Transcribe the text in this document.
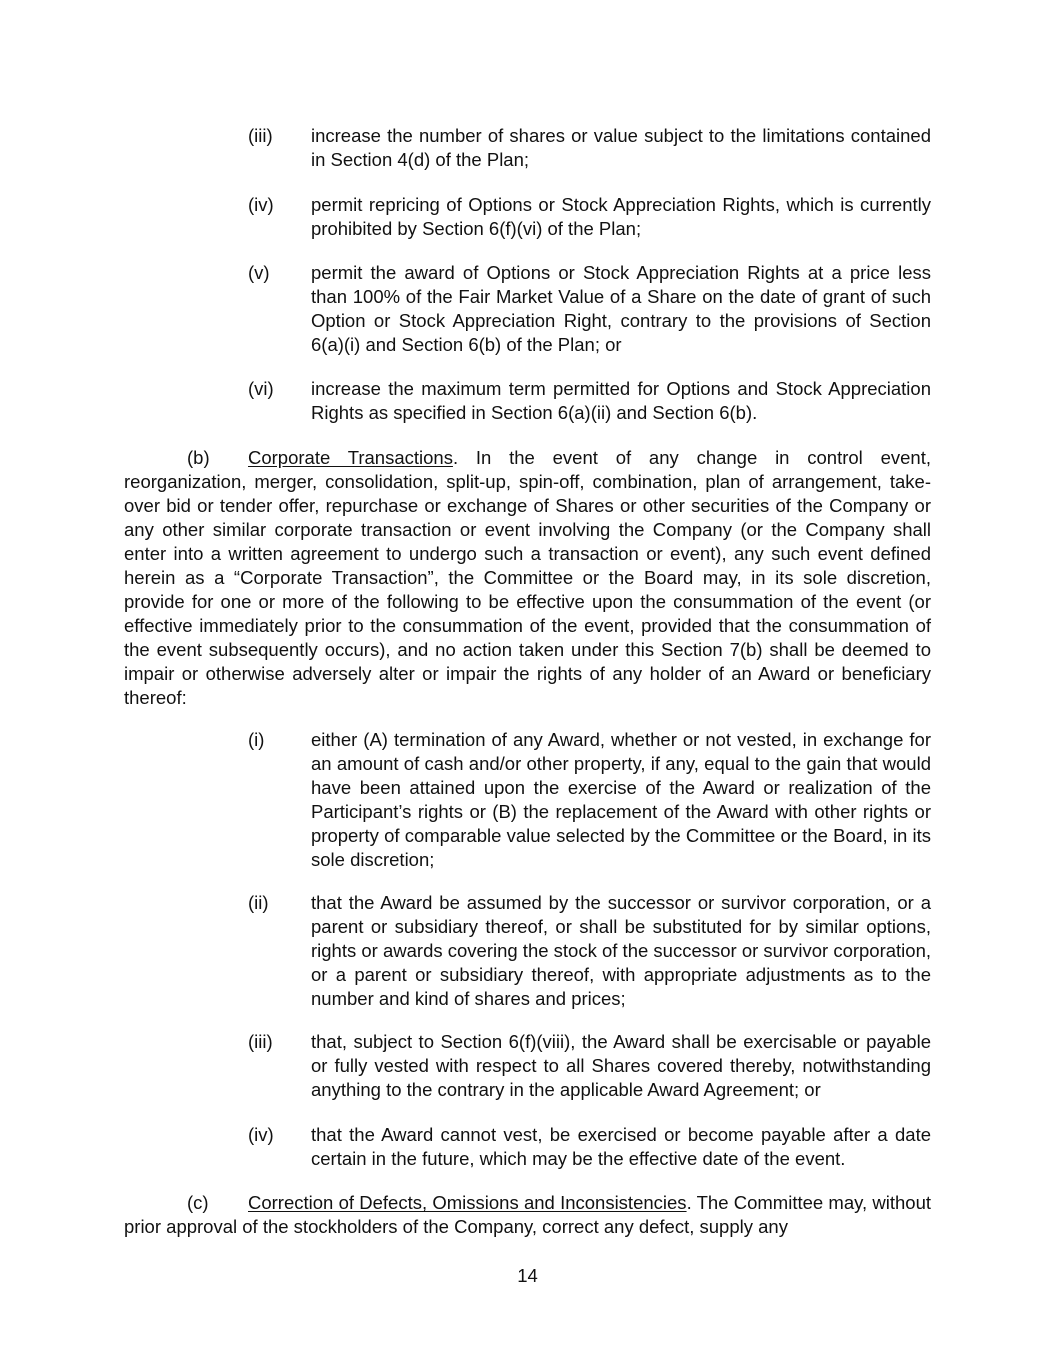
(iii)	increase the number of shares or value subject to the limitations contained in Section 4(d) of the Plan;
(iv)	permit repricing of Options or Stock Appreciation Rights, which is currently prohibited by Section 6(f)(vi) of the Plan;
(v)	permit the award of Options or Stock Appreciation Rights at a price less than 100% of the Fair Market Value of a Share on the date of grant of such Option or Stock Appreciation Right, contrary to the provisions of Section 6(a)(i) and Section 6(b) of the Plan; or
(vi)	increase the maximum term permitted for Options and Stock Appreciation Rights as specified in Section 6(a)(ii) and Section 6(b).
(b) Corporate Transactions. In the event of any change in control event, reorganization, merger, consolidation, split-up, spin-off, combination, plan of arrangement, take-over bid or tender offer, repurchase or exchange of Shares or other securities of the Company or any other similar corporate transaction or event involving the Company (or the Company shall enter into a written agreement to undergo such a transaction or event), any such event defined herein as a “Corporate Transaction”, the Committee or the Board may, in its sole discretion, provide for one or more of the following to be effective upon the consummation of the event (or effective immediately prior to the consummation of the event, provided that the consummation of the event subsequently occurs), and no action taken under this Section 7(b) shall be deemed to impair or otherwise adversely alter or impair the rights of any holder of an Award or beneficiary thereof:
(i)	either (A) termination of any Award, whether or not vested, in exchange for an amount of cash and/or other property, if any, equal to the gain that would have been attained upon the exercise of the Award or realization of the Participant’s rights or (B) the replacement of the Award with other rights or property of comparable value selected by the Committee or the Board, in its sole discretion;
(ii)	that the Award be assumed by the successor or survivor corporation, or a parent or subsidiary thereof, or shall be substituted for by similar options, rights or awards covering the stock of the successor or survivor corporation, or a parent or subsidiary thereof, with appropriate adjustments as to the number and kind of shares and prices;
(iii)	that, subject to Section 6(f)(viii), the Award shall be exercisable or payable or fully vested with respect to all Shares covered thereby, notwithstanding anything to the contrary in the applicable Award Agreement; or
(iv)	that the Award cannot vest, be exercised or become payable after a date certain in the future, which may be the effective date of the event.
(c) Correction of Defects, Omissions and Inconsistencies. The Committee may, without prior approval of the stockholders of the Company, correct any defect, supply any
14
